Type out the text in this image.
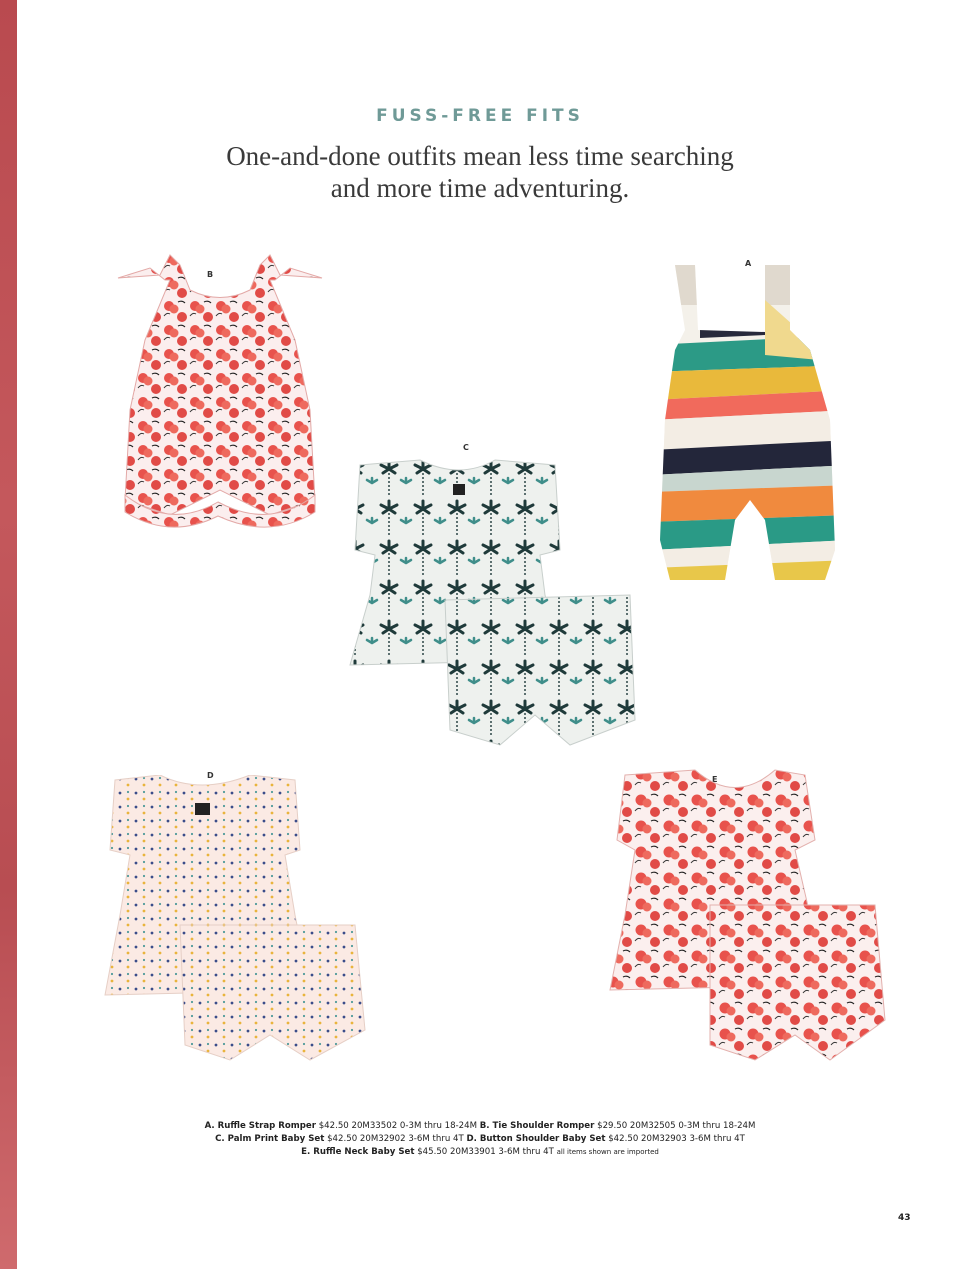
FUSS-FREE FITS
One-and-done outfits mean less time searching
and more time adventuring.
B
A
C
D	E
A. Ruffle Strap Romper $42.50 20M33502 0-3M thru 18-24M B. Tie Shoulder Romper $29.50 20M32505 0-3M thru 18-24M
C. Palm Print Baby Set $42.50 20M32902 3-6M thru 4T D. Button Shoulder Baby Set $42.50 20M32903 3-6M thru 4T
E. Ruffle Neck Baby Set $45.50 20M33901 3-6M thru 4T all items shown are imported
43
